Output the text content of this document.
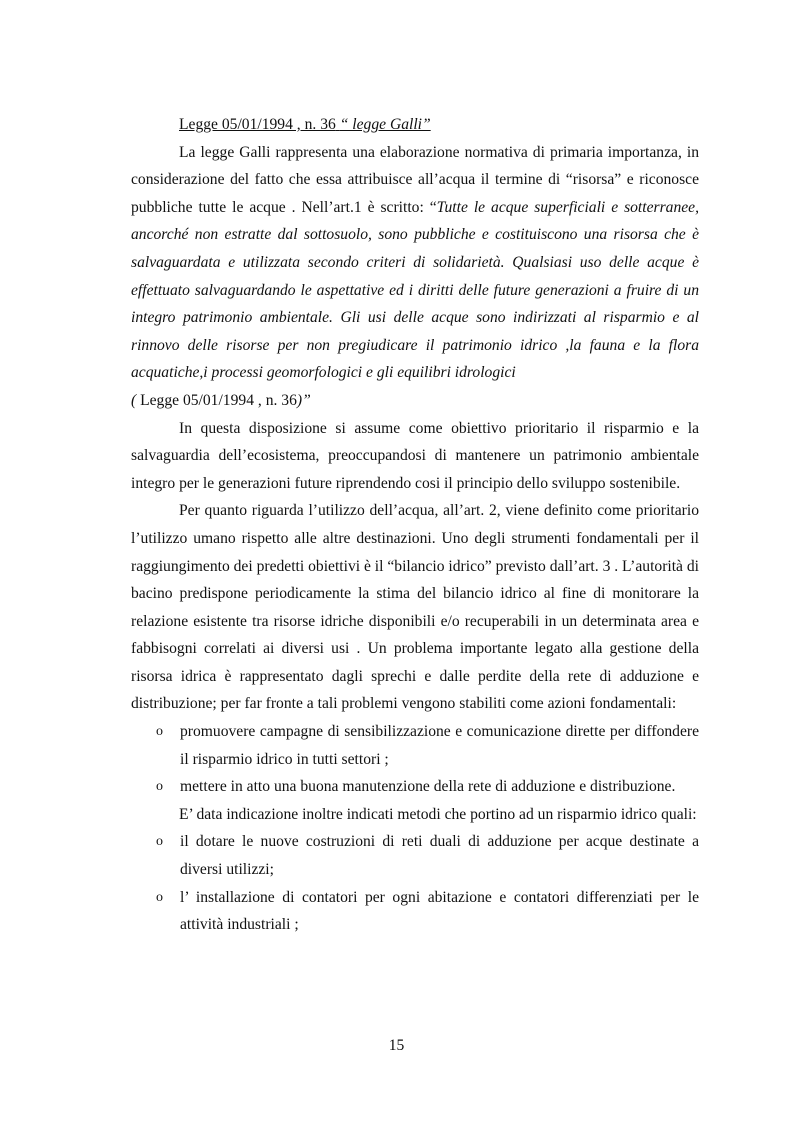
Legge 05/01/1994 , n. 36 “ legge Galli”

La legge Galli rappresenta una elaborazione normativa di primaria importanza, in considerazione del fatto che essa attribuisce all’acqua il termine di “risorsa” e riconosce pubbliche tutte le acque . Nell’art.1 è scritto: “Tutte le acque superficiali e sotterranee, ancorché non estratte dal sottosuolo, sono pubbliche e costituiscono una risorsa che è salvaguardata e utilizzata secondo criteri di solidarietà. Qualsiasi uso delle acque è effettuato salvaguardando le aspettative ed i diritti delle future generazioni a fruire di un integro patrimonio ambientale. Gli usi delle acque sono indirizzati al risparmio e al rinnovo delle risorse per non pregiudicare il patrimonio idrico ,la fauna e la flora acquatiche,i processi geomorfologici e gli equilibri idrologici
( Legge 05/01/1994 , n. 36)”

In questa disposizione si assume come obiettivo prioritario il risparmio e la salvaguardia dell’ecosistema, preoccupandosi di mantenere un patrimonio ambientale integro per le generazioni future riprendendo cosi il principio dello sviluppo sostenibile.

Per quanto riguarda l’utilizzo dell’acqua, all’art. 2, viene definito come prioritario l’utilizzo umano rispetto alle altre destinazioni. Uno degli strumenti fondamentali per il raggiungimento dei predetti obiettivi è il “bilancio idrico” previsto dall’art. 3 . L’autorità di bacino predispone periodicamente la stima del bilancio idrico al fine di monitorare la relazione esistente tra risorse idriche disponibili e/o recuperabili in un determinata area e fabbisogni correlati ai diversi usi . Un problema importante legato alla gestione della risorsa idrica è rappresentato dagli sprechi e dalle perdite della rete di adduzione e distribuzione; per far fronte a tali problemi vengono stabiliti come azioni fondamentali:

o promuovere campagne di sensibilizzazione e comunicazione dirette per diffondere il risparmio idrico in tutti settori ;
o mettere in atto una buona manutenzione della rete di adduzione e distribuzione.

E’ data indicazione inoltre indicati metodi che portino ad un risparmio idrico quali:

o il dotare le nuove costruzioni di reti duali di adduzione per acque destinate a diversi utilizzi;
o l’ installazione di contatori per ogni abitazione e contatori differenziati per le attività industriali ;
15
